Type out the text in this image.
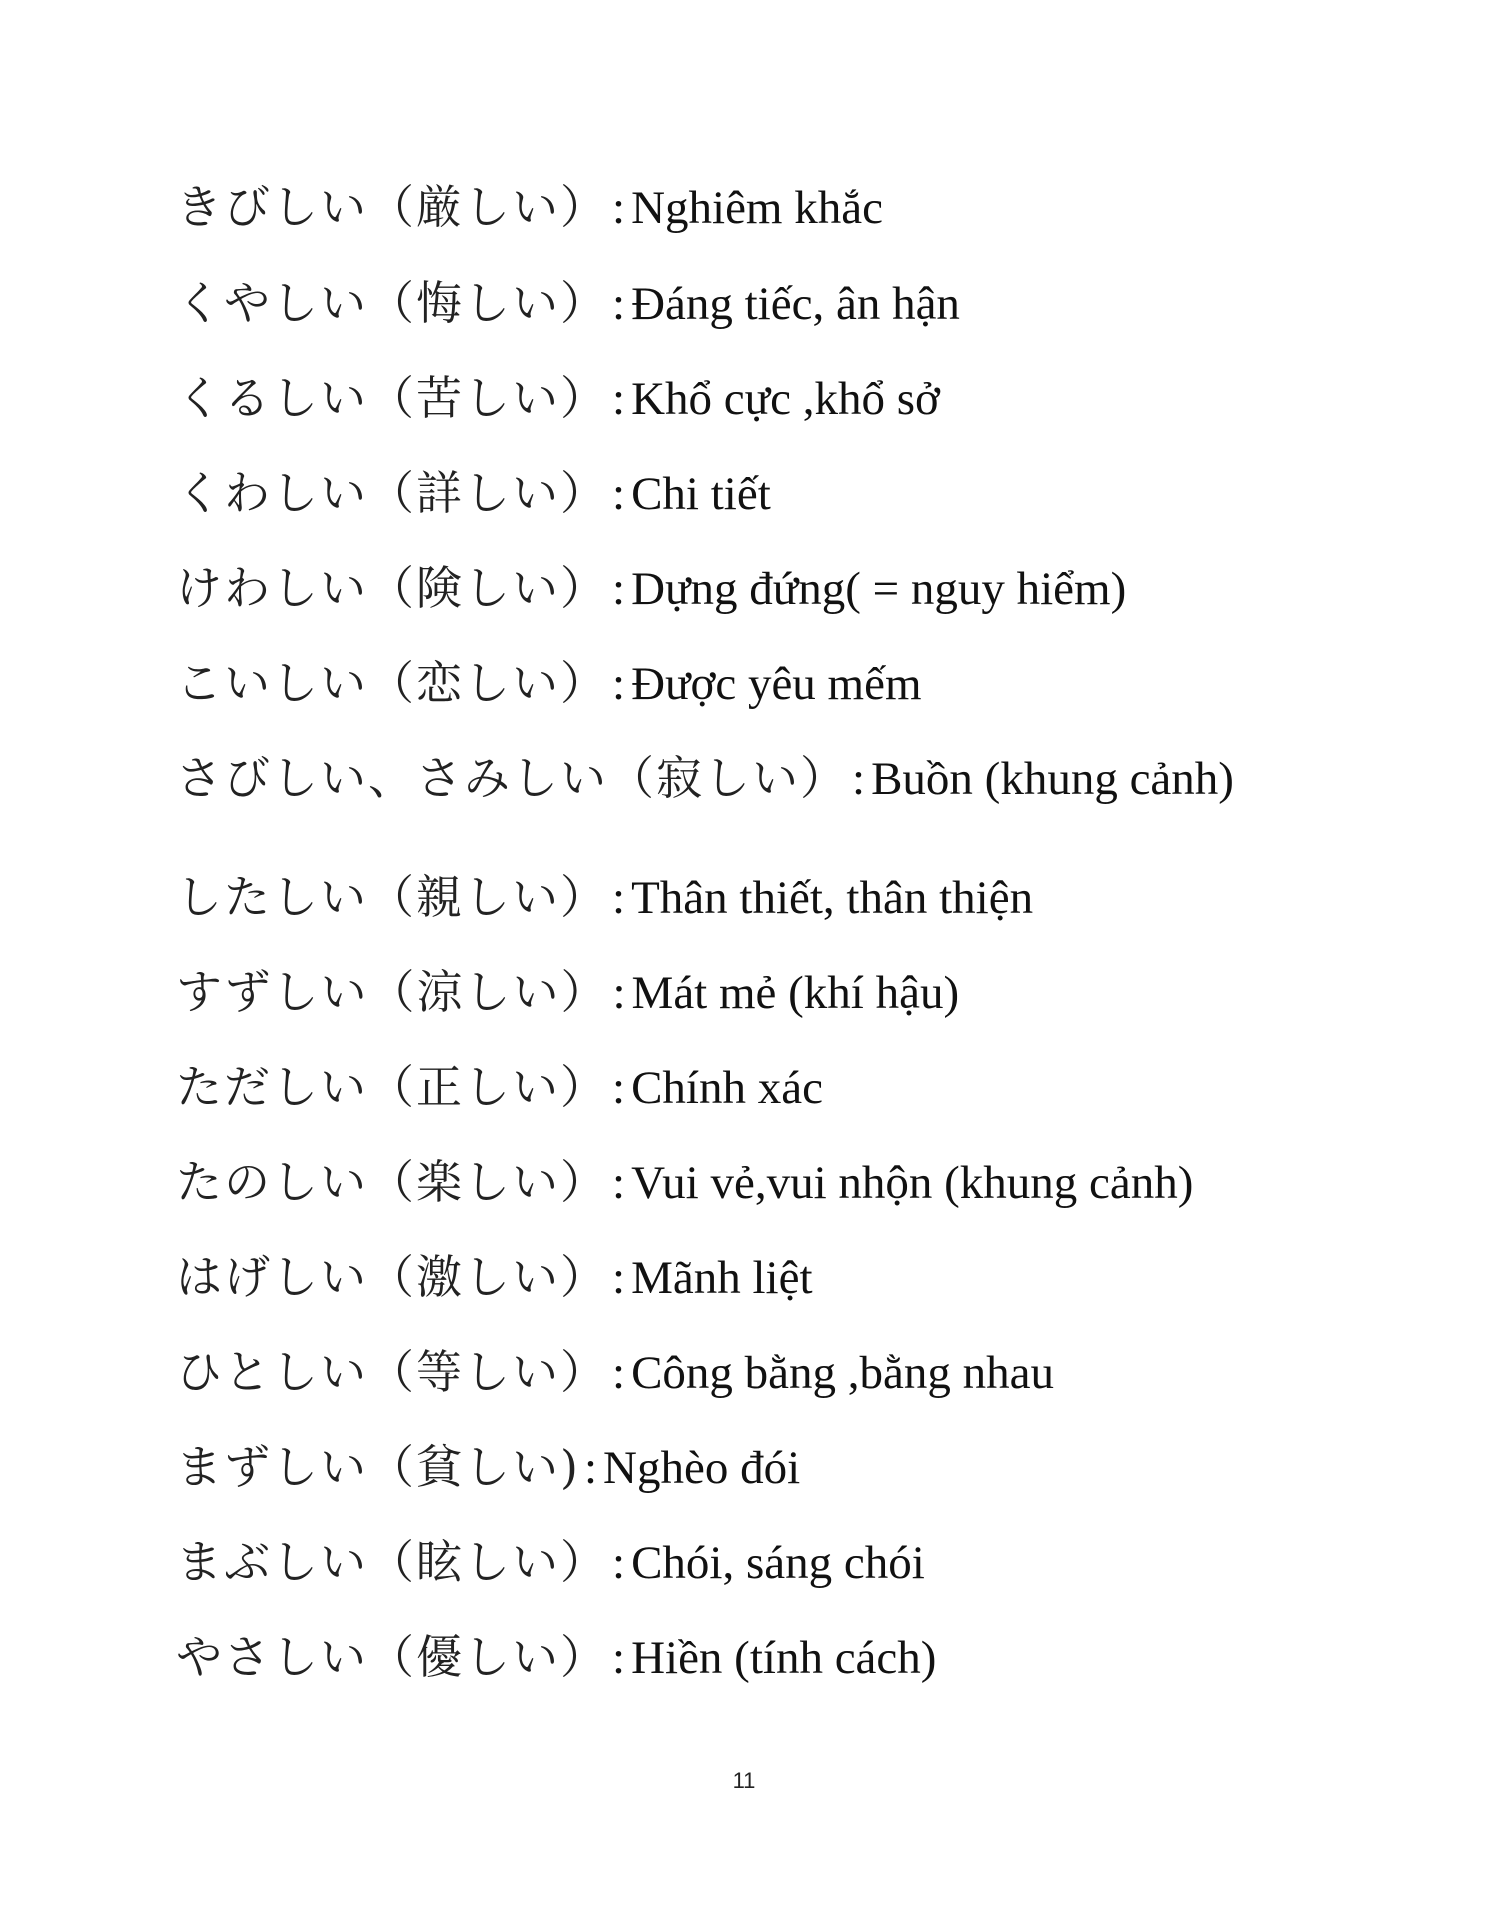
きびしい（厳しい）: Nghiêm khắc
くやしい（悔しい）: Đáng tiếc, ân hận
くるしい（苦しい）: Khổ cực ,khổ sở
くわしい（詳しい）: Chi tiết
けわしい（険しい）: Dựng đứng( = nguy hiểm)
こいしい（恋しい）: Được yêu mếm
さびしい、さみしい（寂しい）: Buồn (khung cảnh)
したしい（親しい）: Thân thiết, thân thiện
すずしい（涼しい）: Mát mẻ (khí hậu)
ただしい（正しい）: Chính xác
たのしい（楽しい）: Vui vẻ,vui nhộn (khung cảnh)
はげしい（激しい）: Mãnh liệt
ひとしい（等しい）: Công bằng ,bằng nhau
まずしい（貧しい): Nghèo đói
まぶしい（眩しい）: Chói, sáng chói
やさしい（優しい）: Hiền (tính cách)
11
